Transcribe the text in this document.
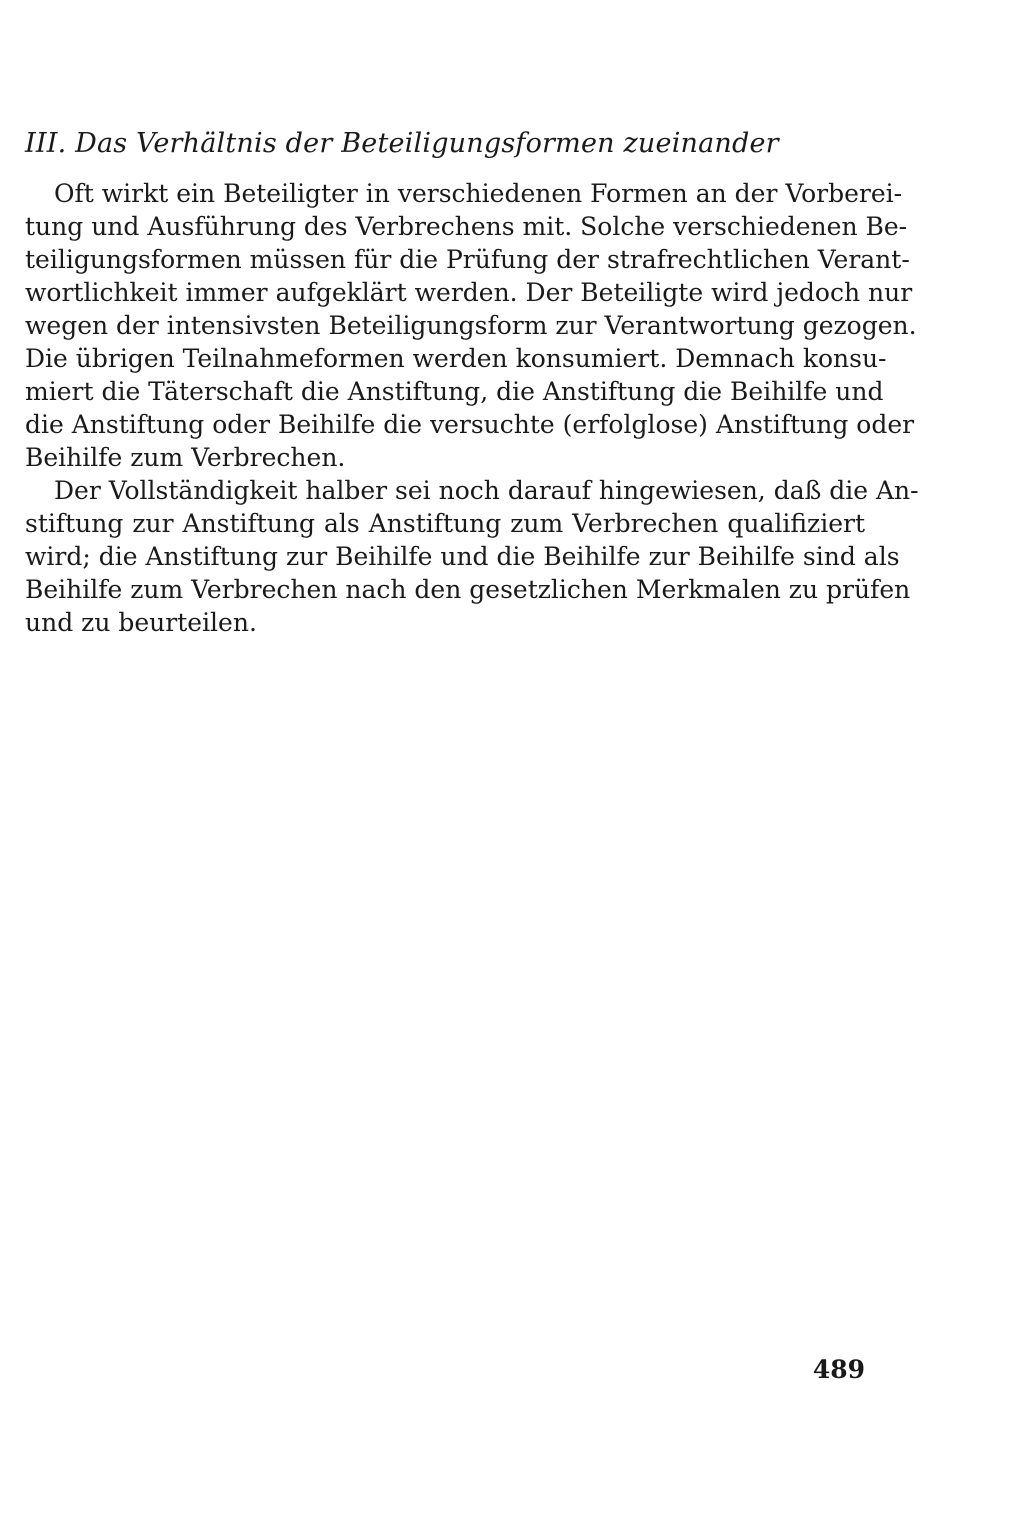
III. Das Verhältnis der Beteiligungsformen zueinander
Oft wirkt ein Beteiligter in verschiedenen Formen an der Vorberei-
tung und Ausführung des Verbrechens mit. Solche verschiedenen Be-
teiligungsformen müssen für die Prüfung der strafrechtlichen Verant-
wortlichkeit immer aufgeklärt werden. Der Beteiligte wird jedoch nur
wegen der intensivsten Beteiligungsform zur Verantwortung gezogen.
Die übrigen Teilnahmeformen werden konsumiert. Demnach konsu-
miert die Täterschaft die Anstiftung, die Anstiftung die Beihilfe und
die Anstiftung oder Beihilfe die versuchte (erfolglose) Anstiftung oder
Beihilfe zum Verbrechen.
Der Vollständigkeit halber sei noch darauf hingewiesen, daß die An-
stiftung zur Anstiftung als Anstiftung zum Verbrechen qualifiziert
wird; die Anstiftung zur Beihilfe und die Beihilfe zur Beihilfe sind als
Beihilfe zum Verbrechen nach den gesetzlichen Merkmalen zu prüfen
und zu beurteilen.
489
